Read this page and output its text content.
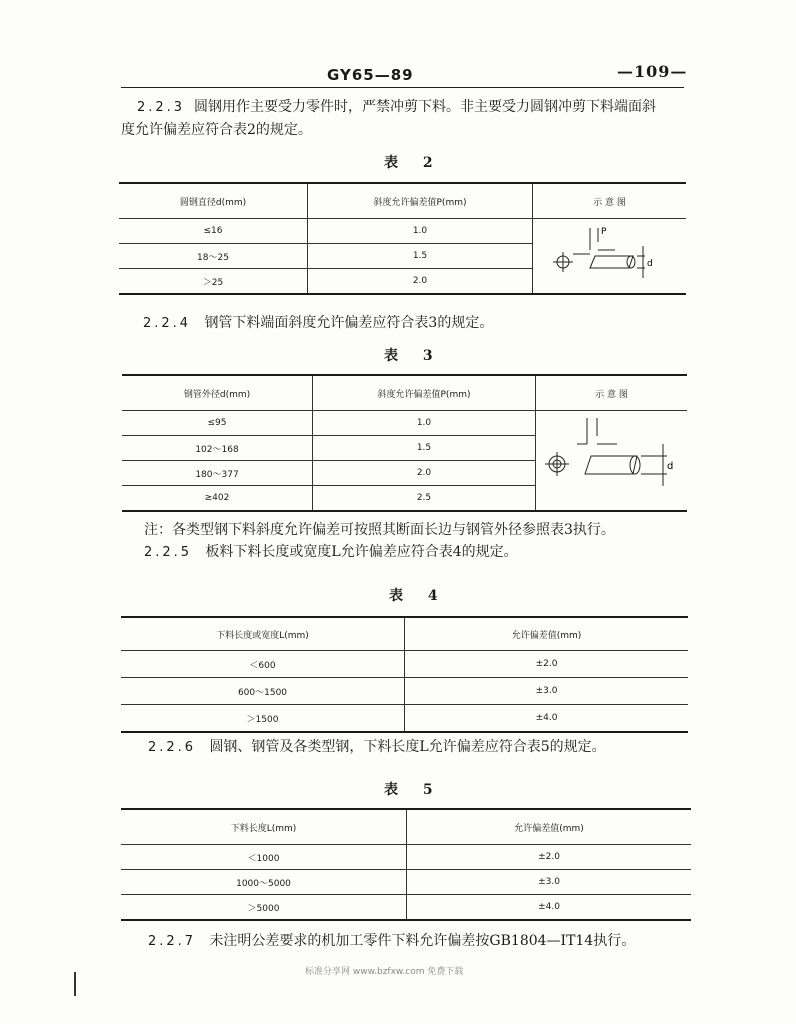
GY65—89	—109—
2.2.3 圆钢用作主要受力零件时，严禁冲剪下料。非主要受力圆钢冲剪下料端面斜
度允许偏差应符合表2的规定。
表 2
圆钢直径d(mm)	斜度允许偏差值P(mm)	示 意 图
≤16	1.0	P
d

18～25	1.5	
＞25	2.0	
2.2.4 钢管下料端面斜度允许偏差应符合表3的规定。
表 3
钢管外径d(mm)	斜度允许偏差值P(mm)	示 意 图
≤95	1.0	d

102～168	1.5	
180～377	2.0	
≥402	2.5	
注：各类型钢下料斜度允许偏差可按照其断面长边与钢管外径参照表3执行。
2.2.5 板料下料长度或宽度L允许偏差应符合表4的规定。
表 4
下料长度或宽度L(mm)	允许偏差值(mm)
＜600	±2.0
600～1500	±3.0
＞1500	±4.0
2.2.6 圆钢、钢管及各类型钢，下料长度L允许偏差应符合表5的规定。
表 5
下料长度L(mm)	允许偏差值(mm)
＜1000	±2.0
1000～5000	±3.0
＞5000	±4.0
2.2.7 未注明公差要求的机加工零件下料允许偏差按GB1804—IT14执行。
标准分享网 www.bzfxw.com 免费下载
